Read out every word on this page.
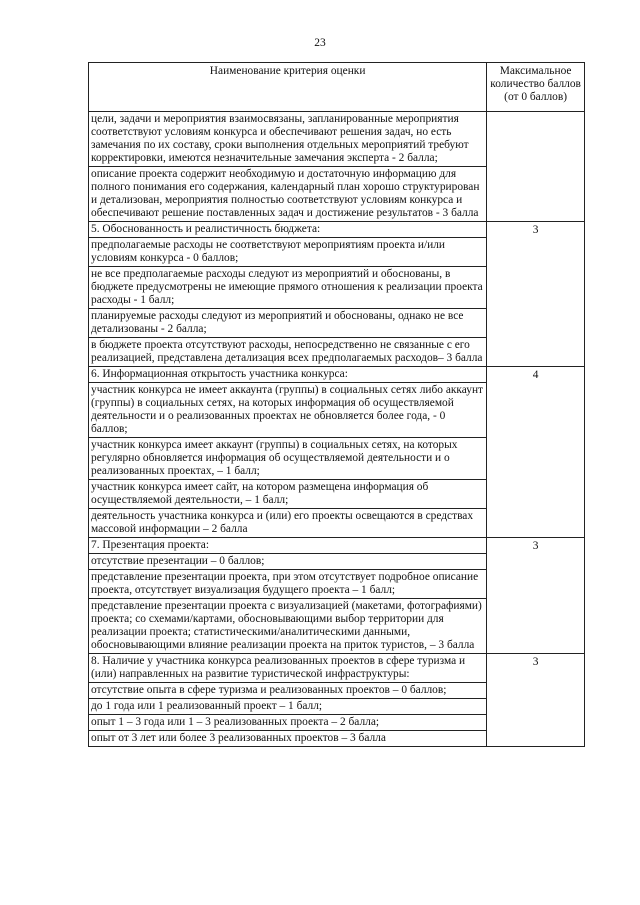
23
Наименование критерия оценки	Максимальное
количество баллов
(от 0 баллов)

цели, задачи и мероприятия взаимосвязаны, запланированные мероприятия соответствуют условиям конкурса и обеспечивают решения задач, но есть замечания по их составу, сроки выполнения отдельных мероприятий требуют корректировки, имеются незначительные замечания эксперта - 2 балла;
описание проекта содержит необходимую и достаточную информацию для полного понимания его содержания, календарный план хорошо структурирован и детализован, мероприятия полностью соответствуют условиям конкурса и обеспечивают решение поставленных задач и достижение результатов - 3 балла	

5. Обоснованность и реалистичность бюджета:
предполагаемые расходы не соответствуют мероприятиям проекта и/или условиям конкурса - 0 баллов;
не все предполагаемые расходы следуют из мероприятий и обоснованы, в бюджете предусмотрены не имеющие прямого отношения к реализации проекта расходы - 1 балл;
планируемые расходы следуют из мероприятий и обоснованы, однако не все детализованы - 2 балла;
в бюджете проекта отсутствуют расходы, непосредственно не связанные с его реализацией, представлена детализация всех предполагаемых расходов– 3 балла	3

6. Информационная открытость участника конкурса:
участник конкурса не имеет аккаунта (группы) в социальных сетях либо аккаунт (группы) в социальных сетях, на которых информация об осуществляемой деятельности и о реализованных проектах не обновляется более года, - 0 баллов;
участник конкурса имеет аккаунт (группы) в социальных сетях, на которых регулярно обновляется информация об осуществляемой деятельности и о реализованных проектах, – 1 балл;
участник конкурса имеет сайт, на котором размещена информация об осуществляемой деятельности, – 1 балл;
деятельность участника конкурса и (или) его проекты освещаются в средствах массовой информации – 2 балла	4

7. Презентация проекта:
отсутствие презентации – 0 баллов;
представление презентации проекта, при этом отсутствует подробное описание проекта, отсутствует визуализация будущего проекта – 1 балл;
представление презентации проекта с визуализацией (макетами, фотографиями) проекта; со схемами/картами, обосновывающими выбор территории для реализации проекта; статистическими/аналитическими данными, обосновывающими влияние реализации проекта на приток туристов, – 3 балла	3

8. Наличие у участника конкурса реализованных проектов в сфере туризма и (или) направленных на развитие туристической инфраструктуры:
отсутствие опыта в сфере туризма и реализованных проектов – 0 баллов;
до 1 года или 1 реализованный проект – 1 балл;
опыт 1 – 3 года или 1 – 3 реализованных проекта – 2 балла;
опыт от 3 лет или более 3 реализованных проектов – 3 балла	3
